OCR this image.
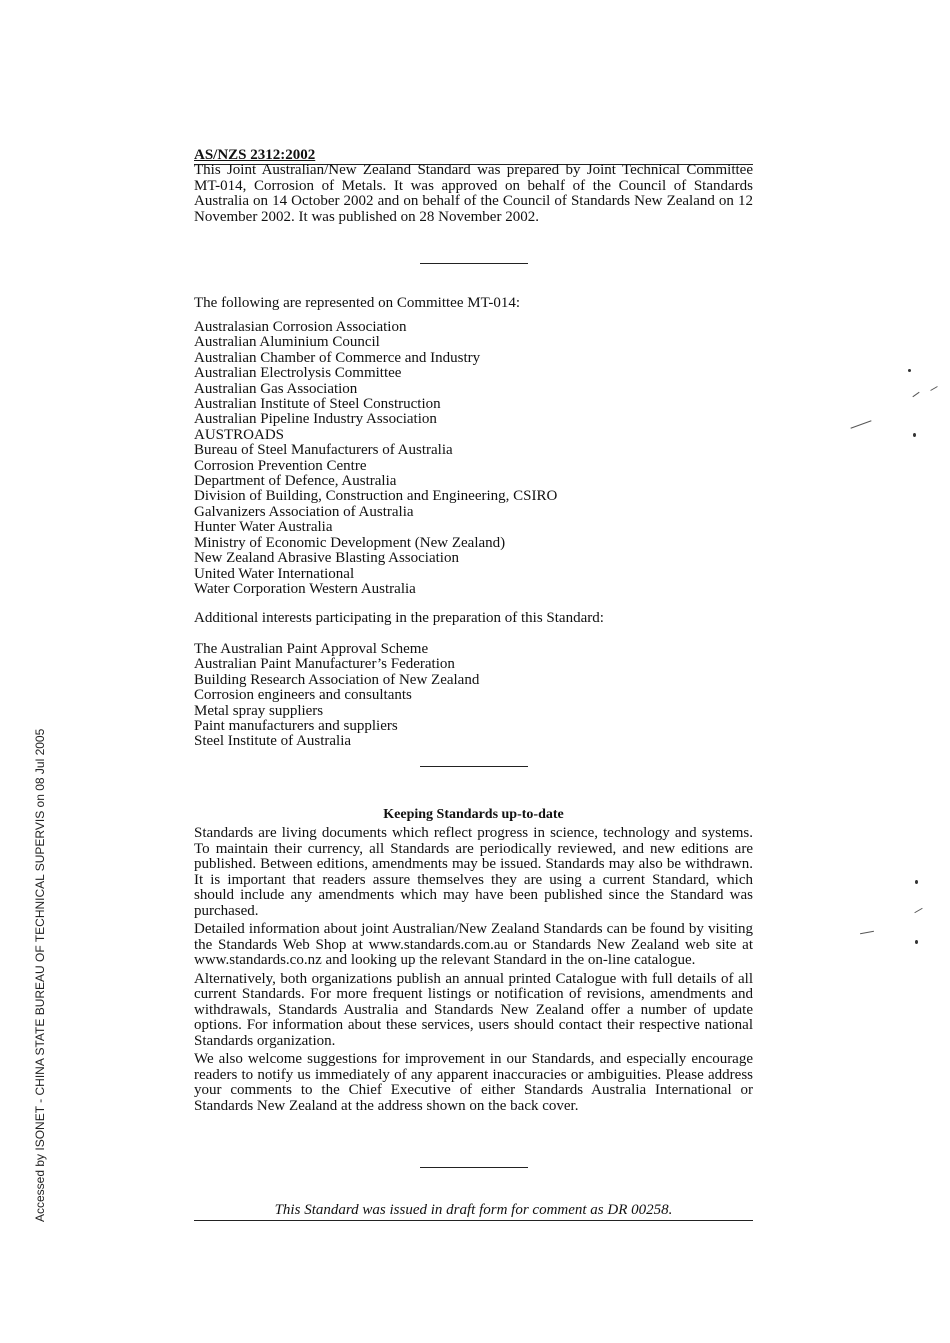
AS/NZS 2312:2002
This Joint Australian/New Zealand Standard was prepared by Joint Technical Committee MT-014, Corrosion of Metals. It was approved on behalf of the Council of Standards Australia on 14 October 2002 and on behalf of the Council of Standards New Zealand on 12 November 2002. It was published on 28 November 2002.
The following are represented on Committee MT-014:
Australasian Corrosion Association
Australian Aluminium Council
Australian Chamber of Commerce and Industry
Australian Electrolysis Committee
Australian Gas Association
Australian Institute of Steel Construction
Australian Pipeline Industry Association
AUSTROADS
Bureau of Steel Manufacturers of Australia
Corrosion Prevention Centre
Department of Defence, Australia
Division of Building, Construction and Engineering, CSIRO
Galvanizers Association of Australia
Hunter Water Australia
Ministry of Economic Development (New Zealand)
New Zealand Abrasive Blasting Association
United Water International
Water Corporation Western Australia
Additional interests participating in the preparation of this Standard:
The Australian Paint Approval Scheme
Australian Paint Manufacturer’s Federation
Building Research Association of New Zealand
Corrosion engineers and consultants
Metal spray suppliers
Paint manufacturers and suppliers
Steel Institute of Australia
Keeping Standards up-to-date

Standards are living documents which reflect progress in science, technology and systems. To maintain their currency, all Standards are periodically reviewed, and new editions are published. Between editions, amendments may be issued. Standards may also be withdrawn. It is important that readers assure themselves they are using a current Standard, which should include any amendments which may have been published since the Standard was purchased.

Detailed information about joint Australian/New Zealand Standards can be found by visiting the Standards Web Shop at www.standards.com.au or Standards New Zealand web site at www.standards.co.nz and looking up the relevant Standard in the on-line catalogue.

Alternatively, both organizations publish an annual printed Catalogue with full details of all current Standards. For more frequent listings or notification of revisions, amendments and withdrawals, Standards Australia and Standards New Zealand offer a number of update options. For information about these services, users should contact their respective national Standards organization.

We also welcome suggestions for improvement in our Standards, and especially encourage readers to notify us immediately of any apparent inaccuracies or ambiguities. Please address your comments to the Chief Executive of either Standards Australia International or Standards New Zealand at the address shown on the back cover.

This Standard was issued in draft form for comment as DR 00258.
Accessed by ISONET - CHINA STATE BUREAU OF TECHNICAL SUPERVIS on 08 Jul 2005
